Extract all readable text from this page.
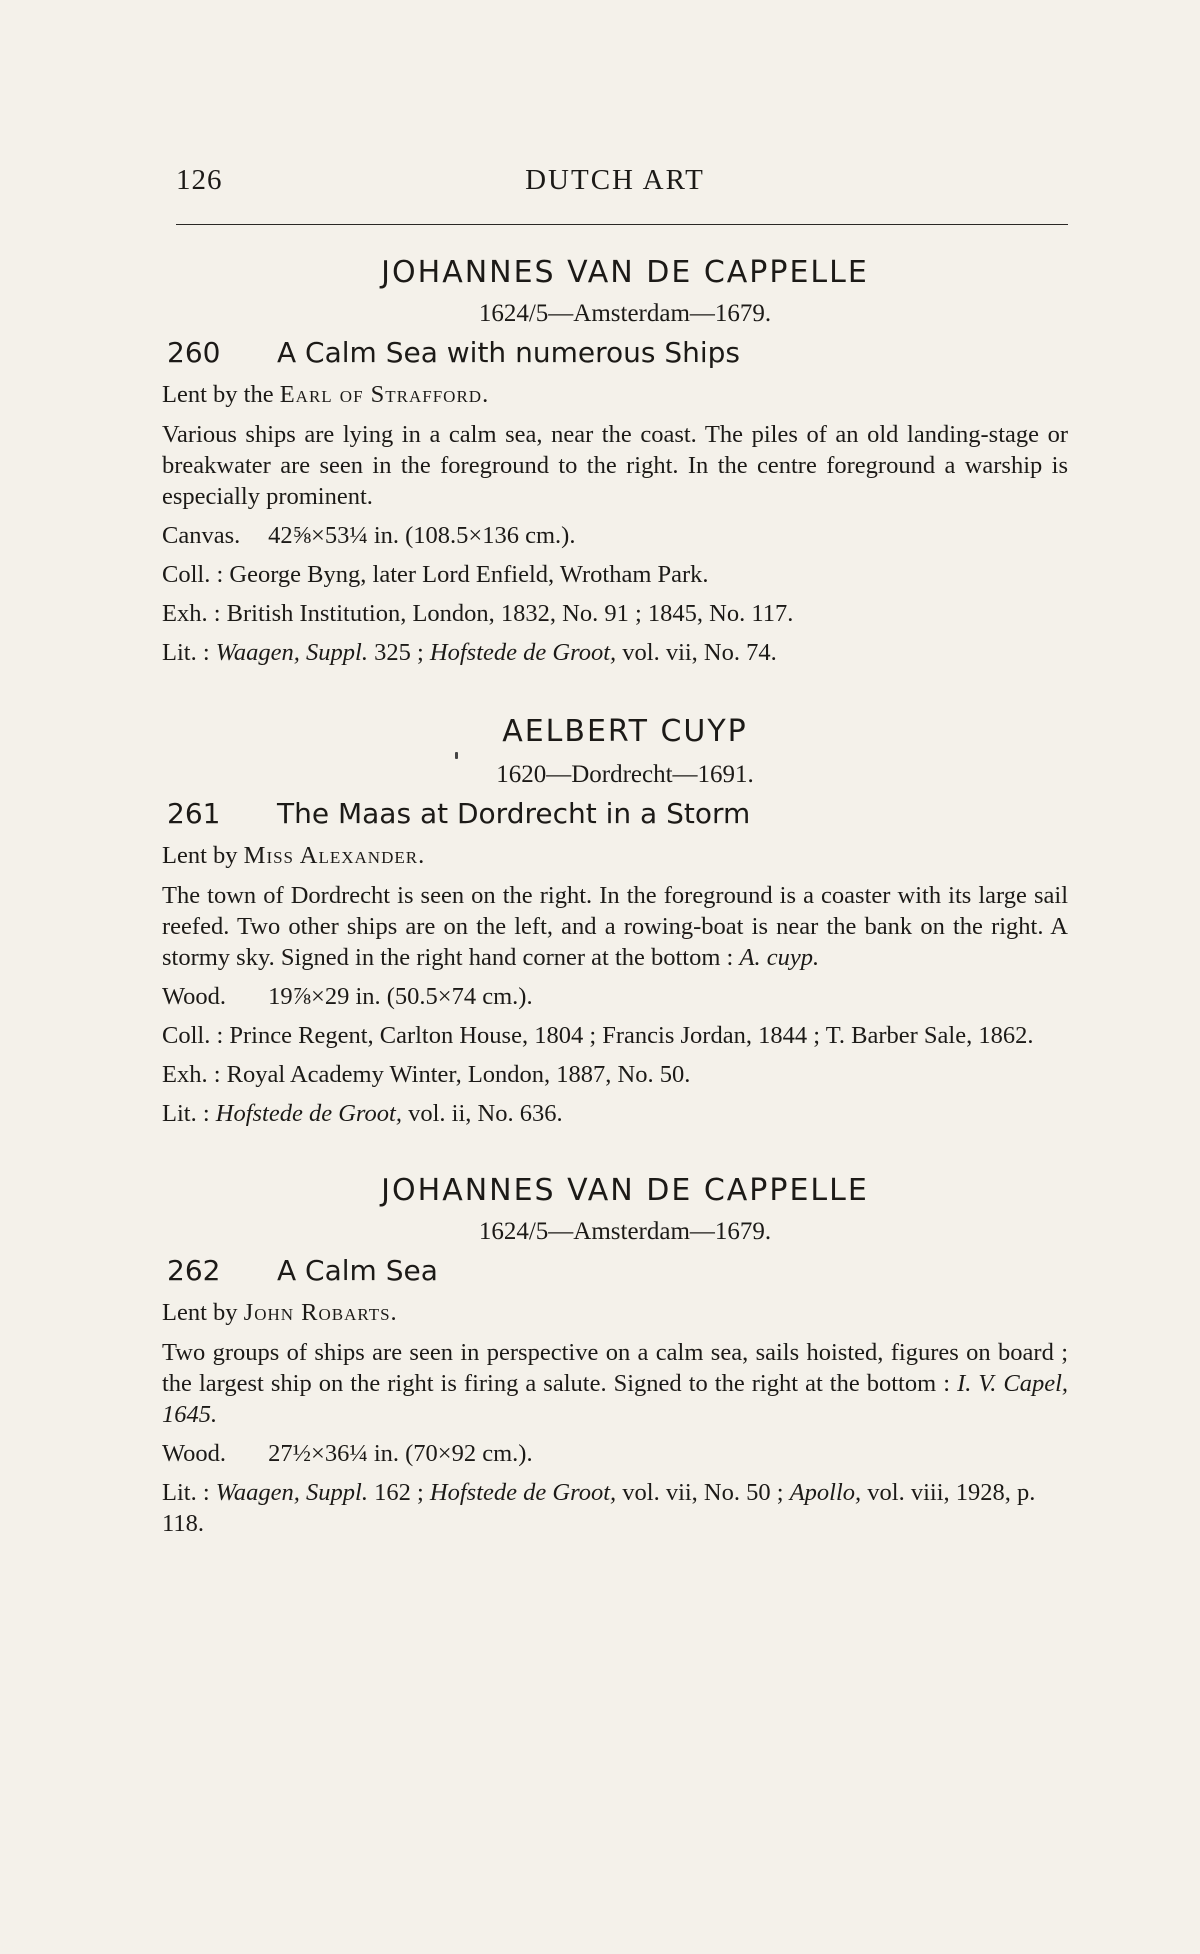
126	DUTCH ART
JOHANNES VAN DE CAPPELLE
1624/5—Amsterdam—1679.
260	A Calm Sea with numerous Ships
Lent by the Earl of Strafford.
Various ships are lying in a calm sea, near the coast. The piles of an old landing-stage or breakwater are seen in the foreground to the right. In the centre foreground a warship is especially prominent.
Canvas. 42⅝×53¼ in. (108.5×136 cm.).
Coll. : George Byng, later Lord Enfield, Wrotham Park.
Exh. : British Institution, London, 1832, No. 91 ; 1845, No. 117.
Lit. : Waagen, Suppl. 325 ; Hofstede de Groot, vol. vii, No. 74.
AELBERT CUYP
1620—Dordrecht—1691.
261	The Maas at Dordrecht in a Storm
Lent by Miss Alexander.
The town of Dordrecht is seen on the right. In the foreground is a coaster with its large sail reefed. Two other ships are on the left, and a rowing-boat is near the bank on the right. A stormy sky. Signed in the right hand corner at the bottom : A. cuyp.
Wood. 19⅞×29 in. (50.5×74 cm.).
Coll. : Prince Regent, Carlton House, 1804 ; Francis Jordan, 1844 ; T. Barber Sale, 1862.
Exh. : Royal Academy Winter, London, 1887, No. 50.
Lit. : Hofstede de Groot, vol. ii, No. 636.
JOHANNES VAN DE CAPPELLE
1624/5—Amsterdam—1679.
262	A Calm Sea
Lent by John Robarts.
Two groups of ships are seen in perspective on a calm sea, sails hoisted, figures on board ; the largest ship on the right is firing a salute. Signed to the right at the bottom : I. V. Capel, 1645.
Wood. 27½×36¼ in. (70×92 cm.).
Lit. : Waagen, Suppl. 162 ; Hofstede de Groot, vol. vii, No. 50 ; Apollo, vol. viii, 1928, p. 118.
